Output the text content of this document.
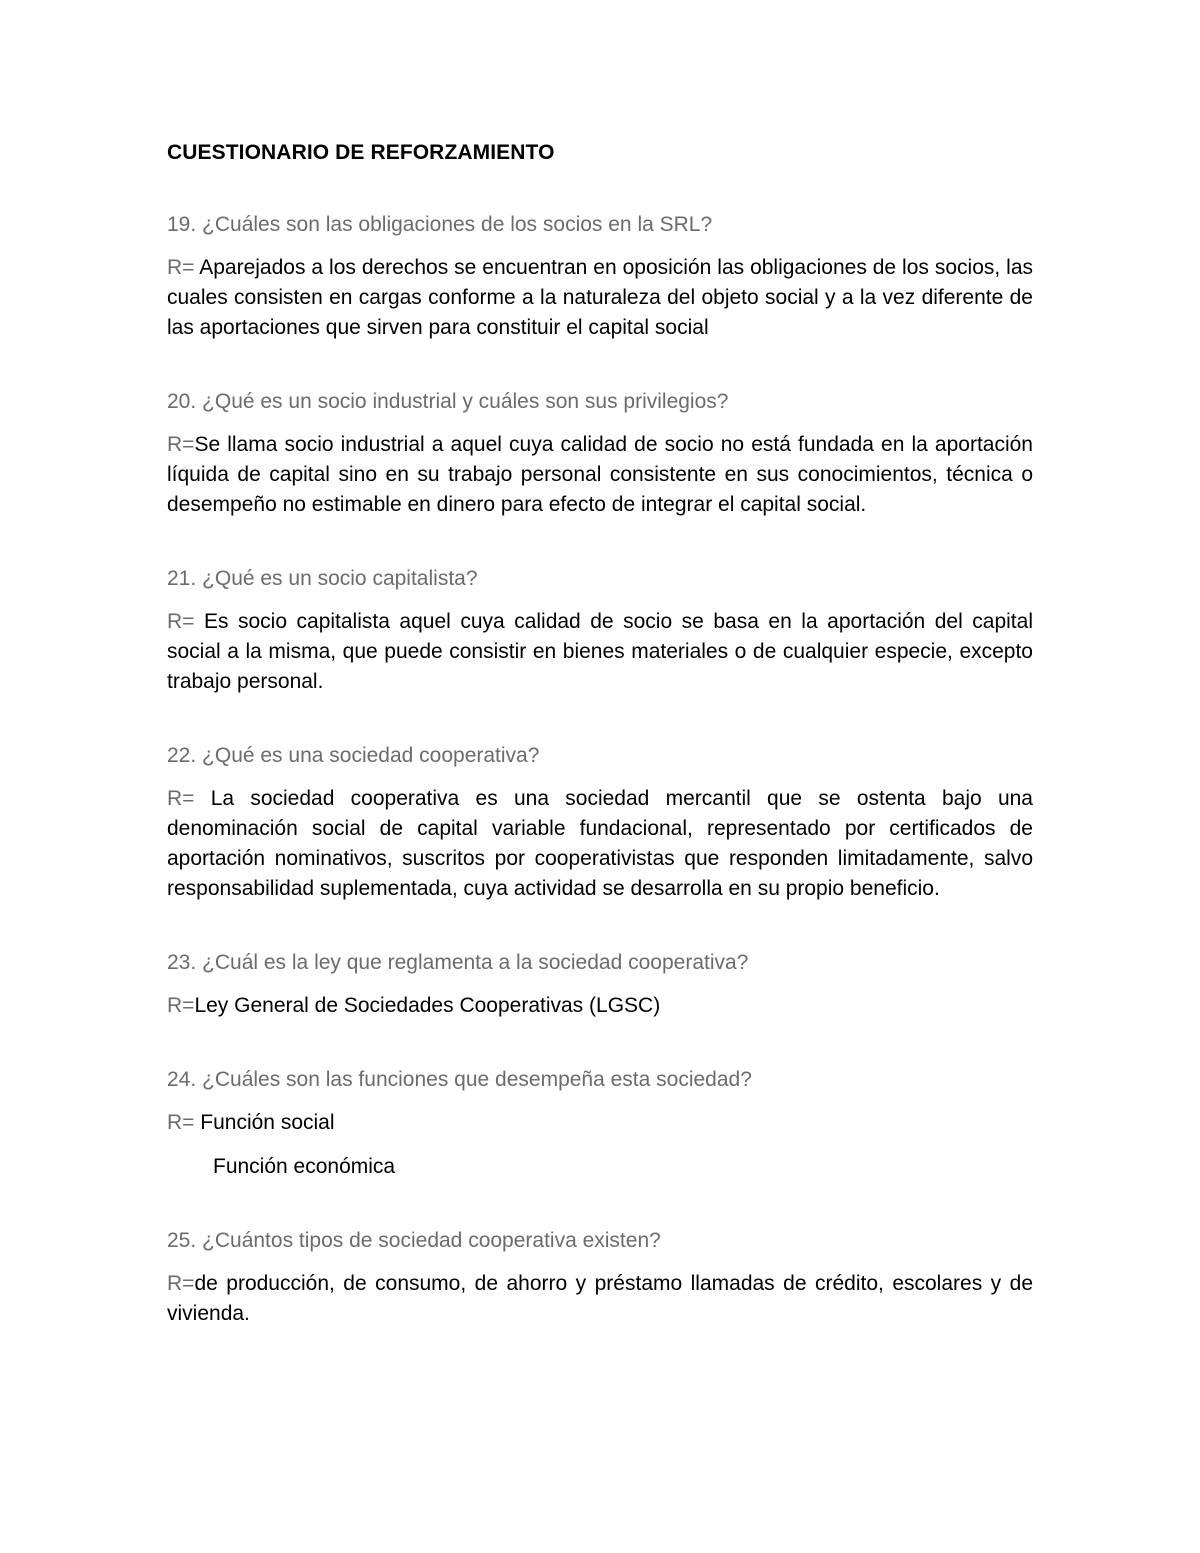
CUESTIONARIO DE REFORZAMIENTO

19. ¿Cuáles son las obligaciones de los socios en la SRL?

R= Aparejados a los derechos se encuentran en oposición las obligaciones de los socios, las cuales consisten en cargas conforme a la naturaleza del objeto social y a la vez diferente de las aportaciones que sirven para constituir el capital social

20. ¿Qué es un socio industrial y cuáles son sus privilegios?

R=Se llama socio industrial a aquel cuya calidad de socio no está fundada en la aportación líquida de capital sino en su trabajo personal consistente en sus conocimientos, técnica o desempeño no estimable en dinero para efecto de integrar el capital social.

21. ¿Qué es un socio capitalista?

R= Es socio capitalista aquel cuya calidad de socio se basa en la aportación del capital social a la misma, que puede consistir en bienes materiales o de cualquier especie, excepto trabajo personal.

22. ¿Qué es una sociedad cooperativa?

R= La sociedad cooperativa es una sociedad mercantil que se ostenta bajo una denominación social de capital variable fundacional, representado por certificados de aportación nominativos, suscritos por cooperativistas que responden limitadamente, salvo responsabilidad suplementada, cuya actividad se desarrolla en su propio beneficio.

23. ¿Cuál es la ley que reglamenta a la sociedad cooperativa?

R=Ley General de Sociedades Cooperativas (LGSC)

24. ¿Cuáles son las funciones que desempeña esta sociedad?

R= Función social

Función económica

25. ¿Cuántos tipos de sociedad cooperativa existen?

R=de producción, de consumo, de ahorro y préstamo llamadas de crédito, escolares y de vivienda.
